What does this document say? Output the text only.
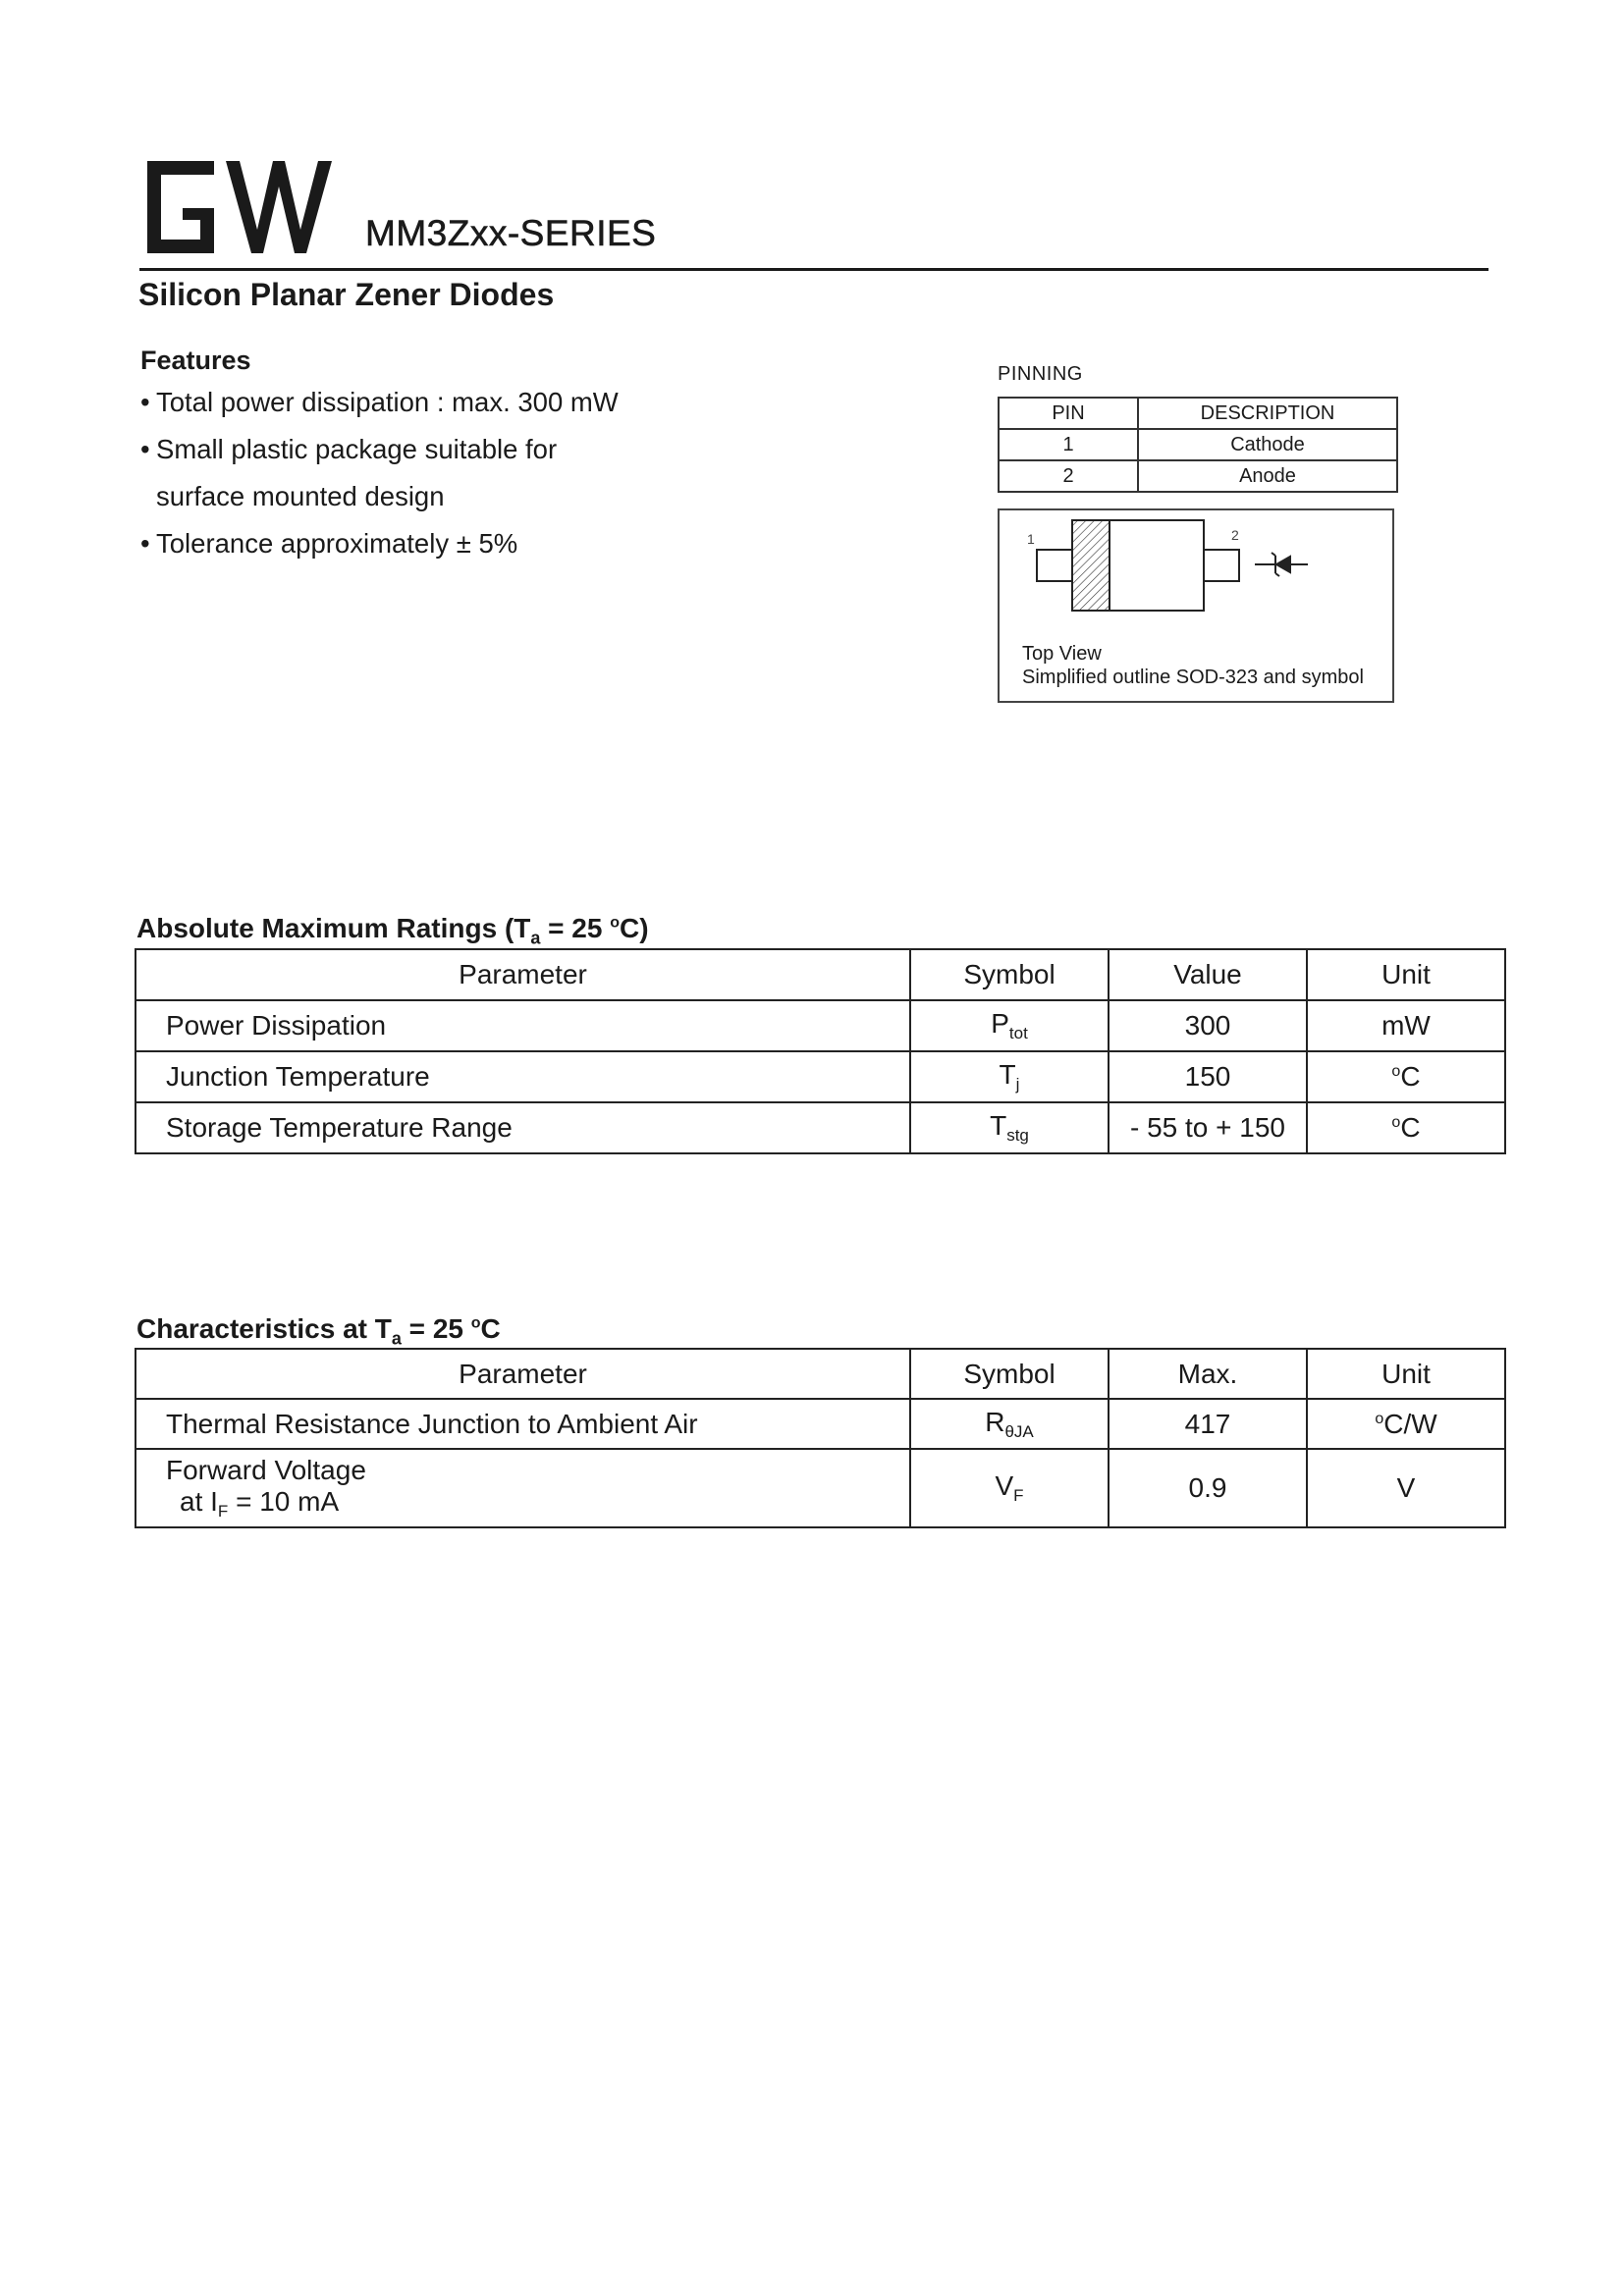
MM3Zxx-SERIES
Silicon Planar Zener Diodes
Features
• Total power dissipation : max. 300 mW
• Small plastic package suitable for
surface mounted design
• Tolerance approximately ± 5%
PINNING
PIN	DESCRIPTION
1	Cathode
2	Anode
1	2
Top View
Simplified outline SOD-323 and symbol
Absolute Maximum Ratings ($T_a = 25$ $^o$C)
Parameter	Symbol	Value	Unit
Power Dissipation	$P_{tot}$	300	mW
Junction Temperature	$T_j$	150	$^o$C
Storage Temperature Range	$T_{stg}$	- 55 to + 150	$^o$C
Characteristics at $T_a = 25$ $^o$C
Parameter	Symbol	Max.	Unit
Thermal Resistance Junction to Ambient Air	$R_{\theta JA}$	417	$^o$C/W

Forward Voltage
at $I_F = 10$ mA	$V_F$	0.9	V
